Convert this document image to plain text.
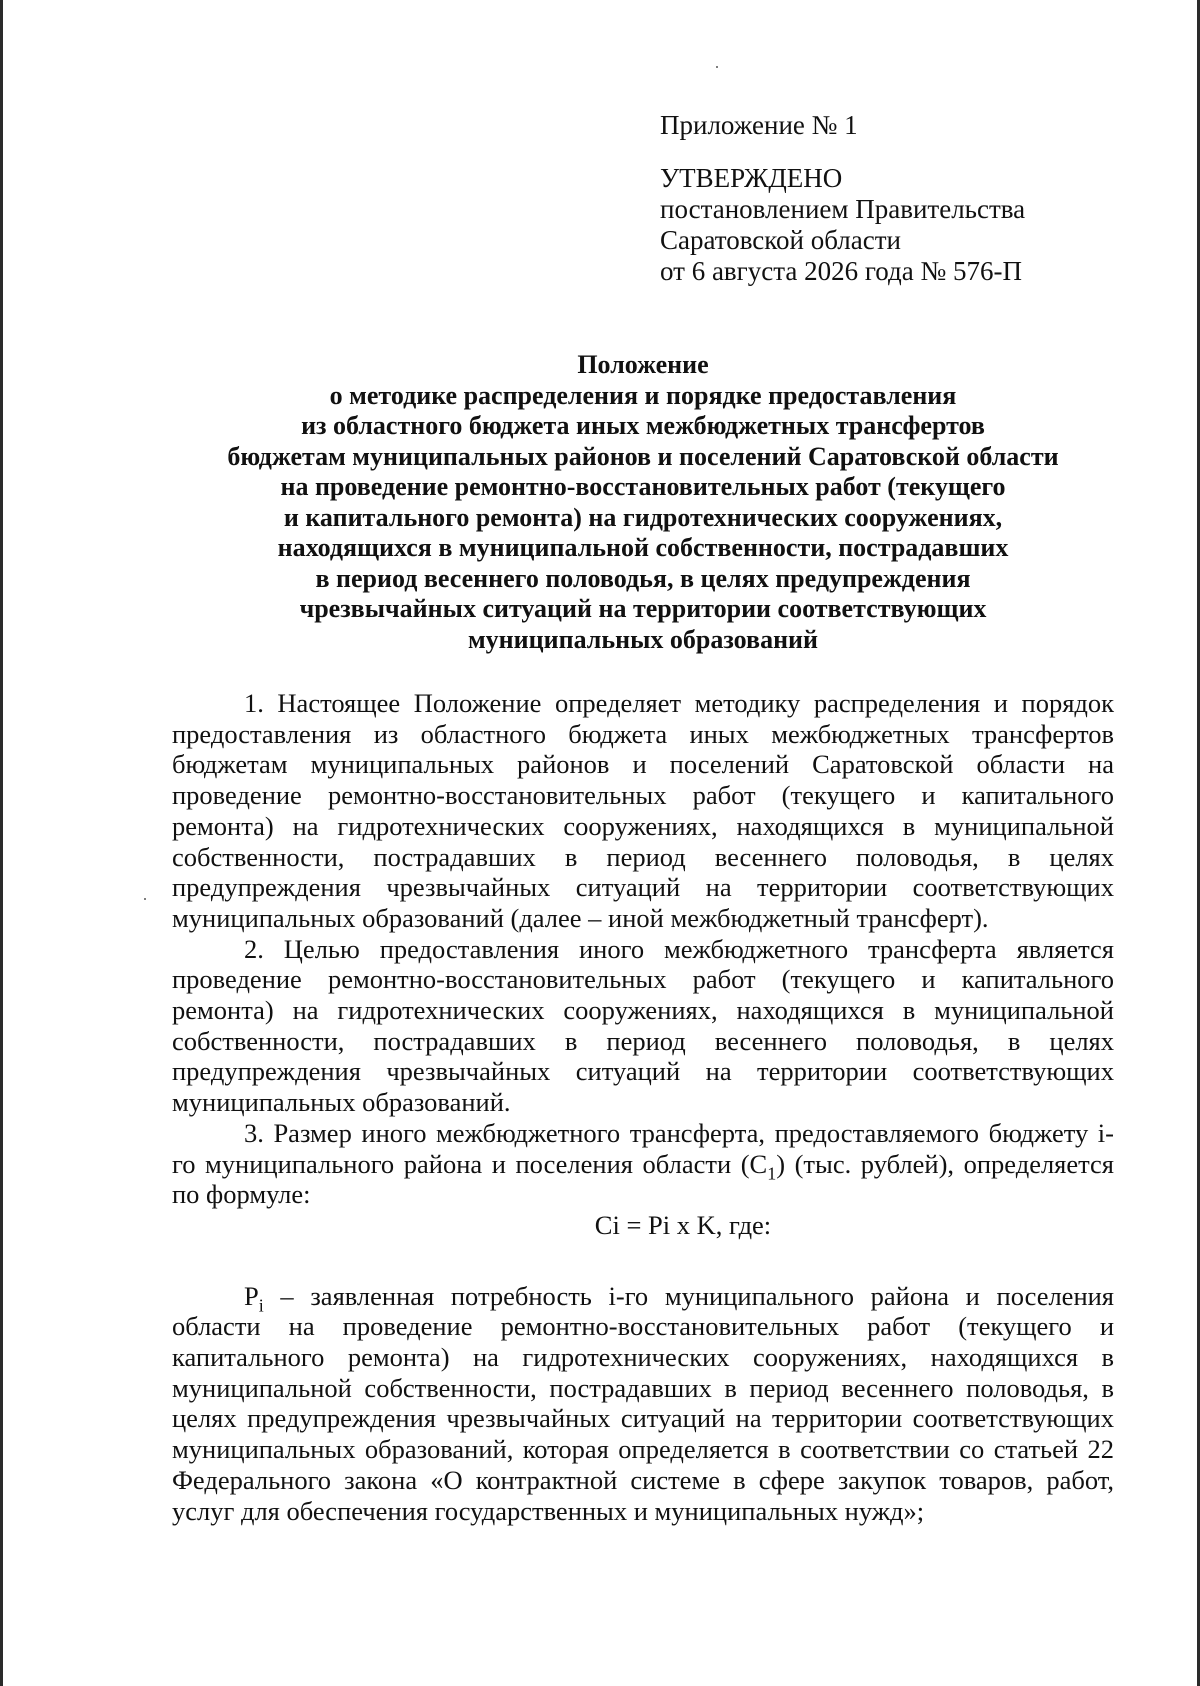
Приложение № 1
УТВЕРЖДЕНО
постановлением Правительства
Саратовской области
от 6 августа 2026 года № 576-П
Положение
о методике распределения и порядке предоставления
из областного бюджета иных межбюджетных трансфертов
бюджетам муниципальных районов и поселений Саратовской области
на проведение ремонтно-восстановительных работ (текущего
и капитального ремонта) на гидротехнических сооружениях,
находящихся в муниципальной собственности, пострадавших
в период весеннего половодья, в целях предупреждения
чрезвычайных ситуаций на территории соответствующих
муниципальных образований

1. Настоящее Положение определяет методику распределения и порядок предоставления из областного бюджета иных межбюджетных трансфертов бюджетам муниципальных районов и поселений Саратовской области на проведение ремонтно-восстановительных работ (текущего и капитального ремонта) на гидротехнических сооружениях, находящихся в муниципальной собственности, пострадавших в период весеннего половодья, в целях предупреждения чрезвычайных ситуаций на территории соответствующих муниципальных образований (далее – иной межбюджетный трансферт).

2. Целью предоставления иного межбюджетного трансферта является проведение ремонтно-восстановительных работ (текущего и капитального ремонта) на гидротехнических сооружениях, находящихся в муниципальной собственности, пострадавших в период весеннего половодья, в целях предупреждения чрезвычайных ситуаций на территории соответствующих муниципальных образований.

3. Размер иного межбюджетного трансферта, предоставляемого бюджету i-го муниципального района и поселения области $(С_1)$ (тыс. рублей), определяется по формуле:

Ci = Pi x K, где:

$P_i$ – заявленная потребность i-го муниципального района и поселения области на проведение ремонтно-восстановительных работ (текущего и капитального ремонта) на гидротехнических сооружениях, находящихся в муниципальной собственности, пострадавших в период весеннего половодья, в целях предупреждения чрезвычайных ситуаций на территории соответствующих муниципальных образований, которая определяется в соответствии со статьей 22 Федерального закона «О контрактной системе в сфере закупок товаров, работ, услуг для обеспечения государственных и муниципальных нужд»;
